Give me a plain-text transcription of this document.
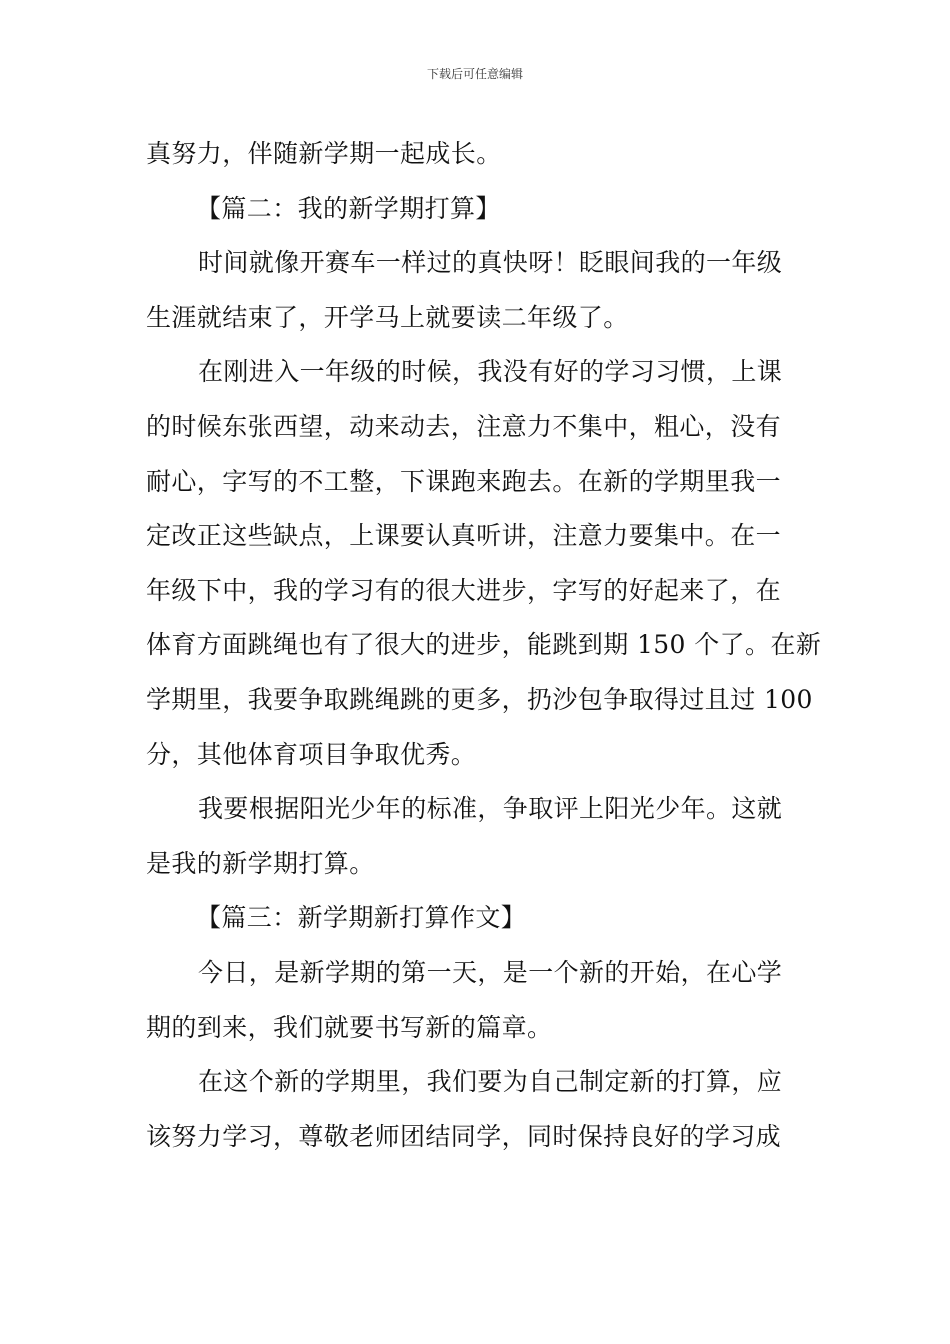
下载后可任意编辑
真努力，伴随新学期一起成长。
【篇二：我的新学期打算】
时间就像开赛车一样过的真快呀！眨眼间我的一年级
生涯就结束了，开学马上就要读二年级了。
在刚进入一年级的时候，我没有好的学习习惯，上课
的时候东张西望，动来动去，注意力不集中，粗心，没有
耐心，字写的不工整，下课跑来跑去。在新的学期里我一
定改正这些缺点，上课要认真听讲，注意力要集中。在一
年级下中，我的学习有的很大进步，字写的好起来了，在
体育方面跳绳也有了很大的进步，能跳到期 150 个了。在新
学期里，我要争取跳绳跳的更多，扔沙包争取得过且过 100
分，其他体育项目争取优秀。
我要根据阳光少年的标准，争取评上阳光少年。这就
是我的新学期打算。
【篇三：新学期新打算作文】
今日，是新学期的第一天，是一个新的开始，在心学
期的到来，我们就要书写新的篇章。
在这个新的学期里，我们要为自己制定新的打算，应
该努力学习，尊敬老师团结同学，同时保持良好的学习成
